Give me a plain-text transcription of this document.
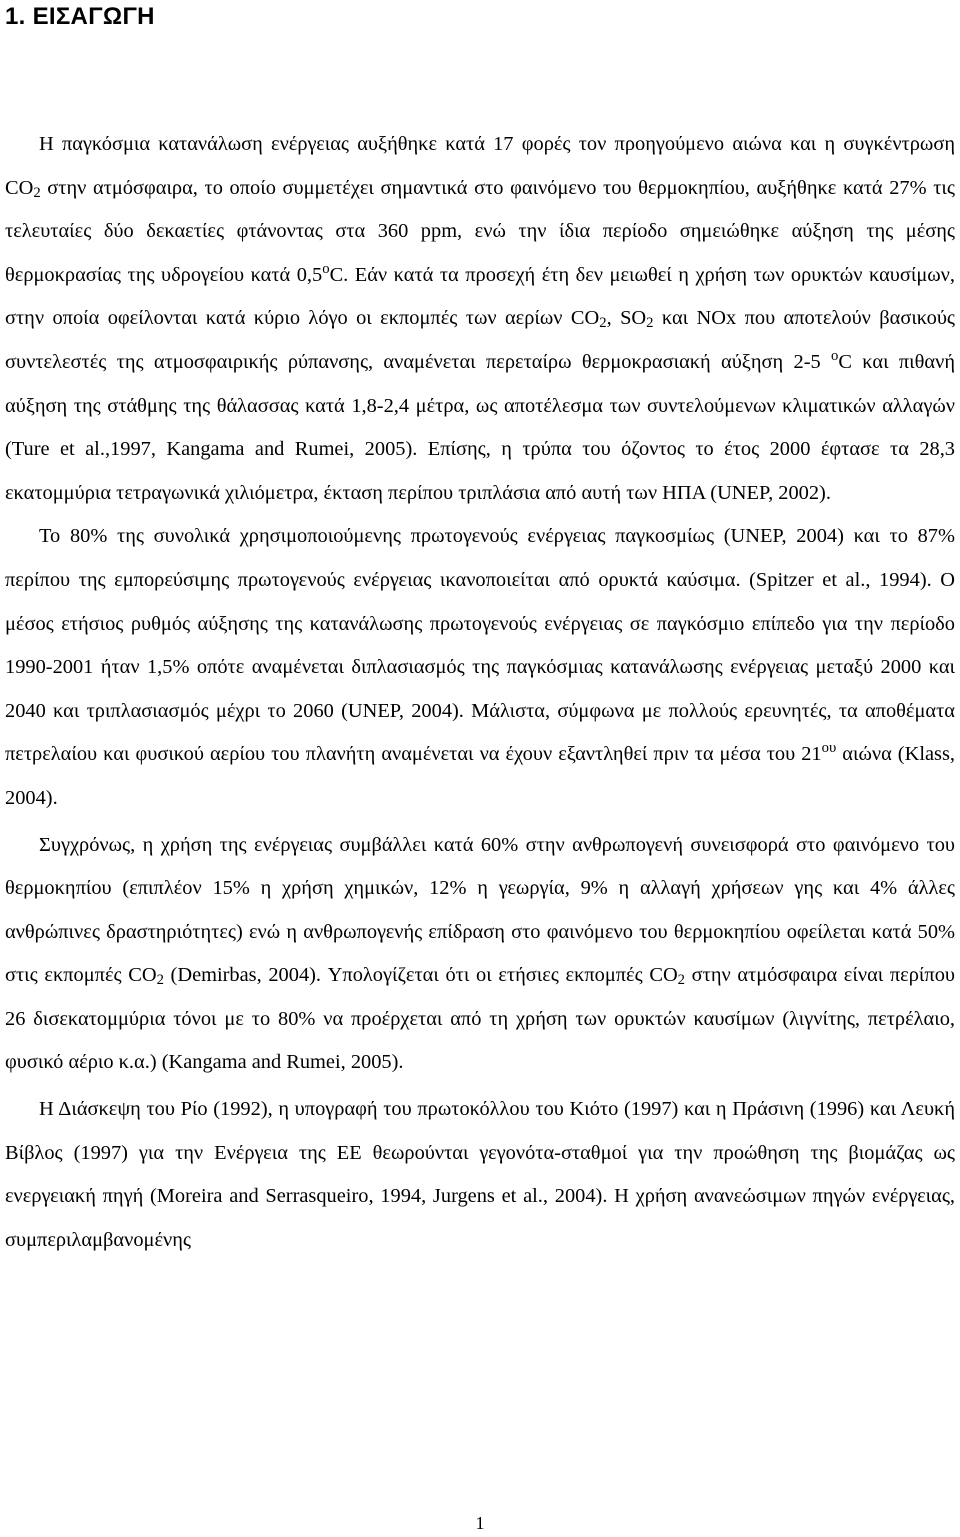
1. ΕΙΣΑΓΩΓΗ

Η παγκόσμια κατανάλωση ενέργειας αυξήθηκε κατά 17 φορές τον προηγούμενο αιώνα και η συγκέντρωση $CO_2$ στην ατμόσφαιρα, το οποίο συμμετέχει σημαντικά στο φαινόμενο του θερμοκηπίου, αυξήθηκε κατά 27% τις τελευταίες δύο δεκαετίες φτάνοντας στα 360 ppm, ενώ την ίδια περίοδο σημειώθηκε αύξηση της μέσης θερμοκρασίας της υδρογείου κατά 0,5$^o$C. Εάν κατά τα προσεχή έτη δεν μειωθεί η χρήση των ορυκτών καυσίμων, στην οποία οφείλονται κατά κύριο λόγο οι εκπομπές των αερίων $CO_2$, $SO_2$ και NOx που αποτελούν βασικούς συντελεστές της ατμοσφαιρικής ρύπανσης, αναμένεται περεταίρω θερμοκρασιακή αύξηση 2-5 $^o$C και πιθανή αύξηση της στάθμης της θάλασσας κατά 1,8-2,4 μέτρα, ως αποτέλεσμα των συντελούμενων κλιματικών αλλαγών (Ture et al.,1997, Kangama and Rumei, 2005). Επίσης, η τρύπα του όζοντος το έτος 2000 έφτασε τα 28,3 εκατομμύρια τετραγωνικά χιλιόμετρα, έκταση περίπου τριπλάσια από αυτή των ΗΠΑ (UNEP, 2002).

Το 80% της συνολικά χρησιμοποιούμενης πρωτογενούς ενέργειας παγκοσμίως (UNEP, 2004) και το 87% περίπου της εμπορεύσιμης πρωτογενούς ενέργειας ικανοποιείται από ορυκτά καύσιμα. (Spitzer et al., 1994). Ο μέσος ετήσιος ρυθμός αύξησης της κατανάλωσης πρωτογενούς ενέργειας σε παγκόσμιο επίπεδο για την περίοδο 1990-2001 ήταν 1,5% οπότε αναμένεται διπλασιασμός της παγκόσμιας κατανάλωσης ενέργειας μεταξύ 2000 και 2040 και τριπλασιασμός μέχρι το 2060 (UNEP, 2004). Μάλιστα, σύμφωνα με πολλούς ερευνητές, τα αποθέματα πετρελαίου και φυσικού αερίου του πλανήτη αναμένεται να έχουν εξαντληθεί πριν τα μέσα του $21^{o\upsilon}$ αιώνα (Klass, 2004).

Συγχρόνως, η χρήση της ενέργειας συμβάλλει κατά 60% στην ανθρωπογενή συνεισφορά στο φαινόμενο του θερμοκηπίου (επιπλέον 15% η χρήση χημικών, 12% η γεωργία, 9% η αλλαγή χρήσεων γης και 4% άλλες ανθρώπινες δραστηριότητες) ενώ η ανθρωπογενής επίδραση στο φαινόμενο του θερμοκηπίου οφείλεται κατά 50% στις εκπομπές $CO_2$ (Demirbas, 2004). Υπολογίζεται ότι οι ετήσιες εκπομπές $CO_2$ στην ατμόσφαιρα είναι περίπου 26 δισεκατομμύρια τόνοι με το 80% να προέρχεται από τη χρήση των ορυκτών καυσίμων (λιγνίτης, πετρέλαιο, φυσικό αέριο κ.α.) (Kangama and Rumei, 2005).

Η Διάσκεψη του Ρίο (1992), η υπογραφή του πρωτοκόλλου του Κιότο (1997) και η Πράσινη (1996) και Λευκή Βίβλος (1997) για την Ενέργεια της ΕΕ θεωρούνται γεγονότα-σταθμοί για την προώθηση της βιομάζας ως ενεργειακή πηγή (Moreira and Serrasqueiro, 1994, Jurgens et al., 2004). Η χρήση ανανεώσιμων πηγών ενέργειας, συμπεριλαμβανομένης

1
